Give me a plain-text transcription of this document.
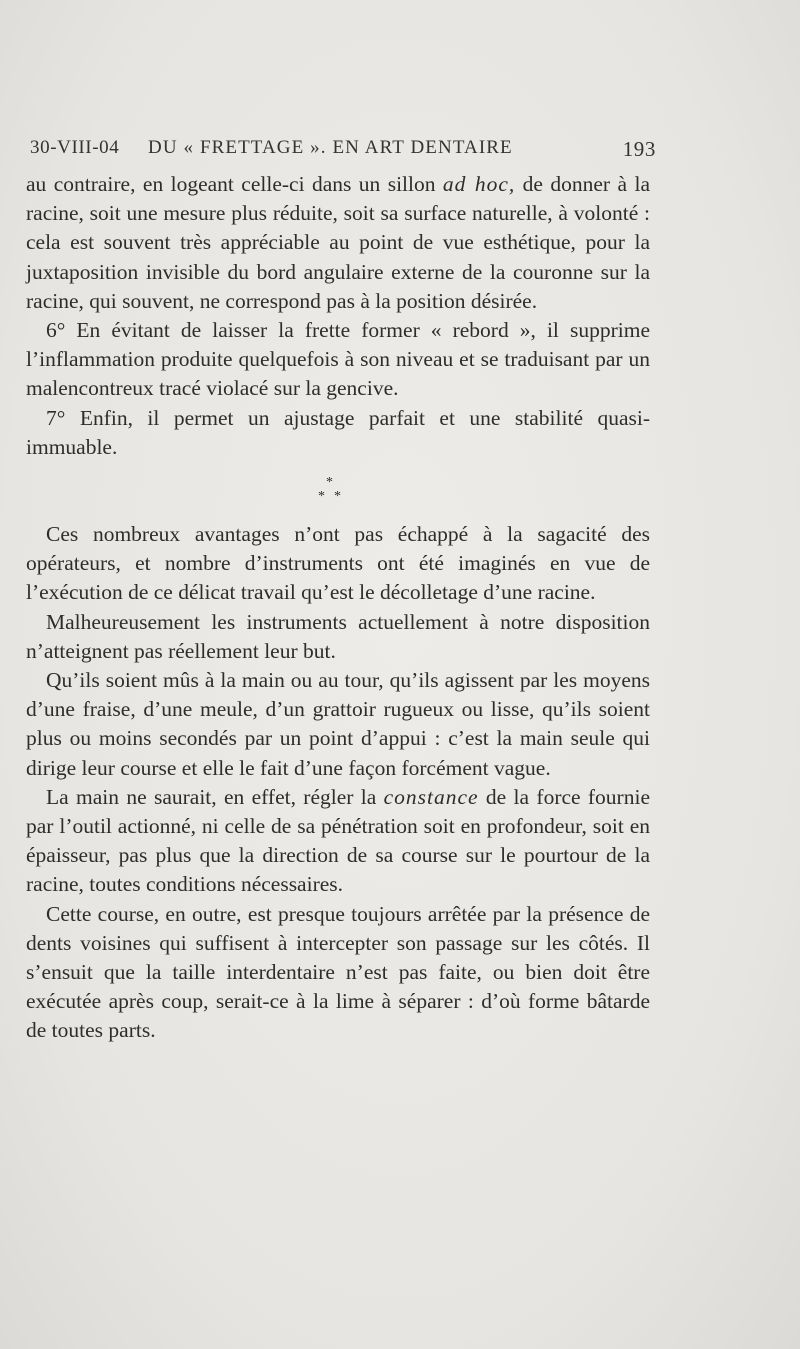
30-VIII-04 DU « FRETTAGE ». EN ART DENTAIRE	193

au contraire, en logeant celle-ci dans un sillon ad hoc, de donner à la racine, soit une mesure plus réduite, soit sa surface naturelle, à volonté : cela est souvent très appréciable au point de vue esthétique, pour la juxtaposition invisible du bord angulaire externe de la couronne sur la racine, qui souvent, ne correspond pas à la position désirée.

6° En évitant de laisser la frette former « rebord », il supprime l’inflammation produite quelquefois à son niveau et se traduisant par un malencontreux tracé violacé sur la gencive.

7° Enfin, il permet un ajustage parfait et une stabilité quasi-immuable.

*
* *

Ces nombreux avantages n’ont pas échappé à la sagacité des opérateurs, et nombre d’instruments ont été imaginés en vue de l’exécution de ce délicat travail qu’est le décolletage d’une racine.

Malheureusement les instruments actuellement à notre disposition n’atteignent pas réellement leur but.

Qu’ils soient mûs à la main ou au tour, qu’ils agissent par les moyens d’une fraise, d’une meule, d’un grattoir rugueux ou lisse, qu’ils soient plus ou moins secondés par un point d’appui : c’est la main seule qui dirige leur course et elle le fait d’une façon forcément vague.

La main ne saurait, en effet, régler la constance de la force fournie par l’outil actionné, ni celle de sa pénétration soit en profondeur, soit en épaisseur, pas plus que la direction de sa course sur le pourtour de la racine, toutes conditions nécessaires.

Cette course, en outre, est presque toujours arrêtée par la présence de dents voisines qui suffisent à intercepter son passage sur les côtés. Il s’ensuit que la taille interdentaire n’est pas faite, ou bien doit être exécutée après coup, serait-ce à la lime à séparer : d’où forme bâtarde de toutes parts.
